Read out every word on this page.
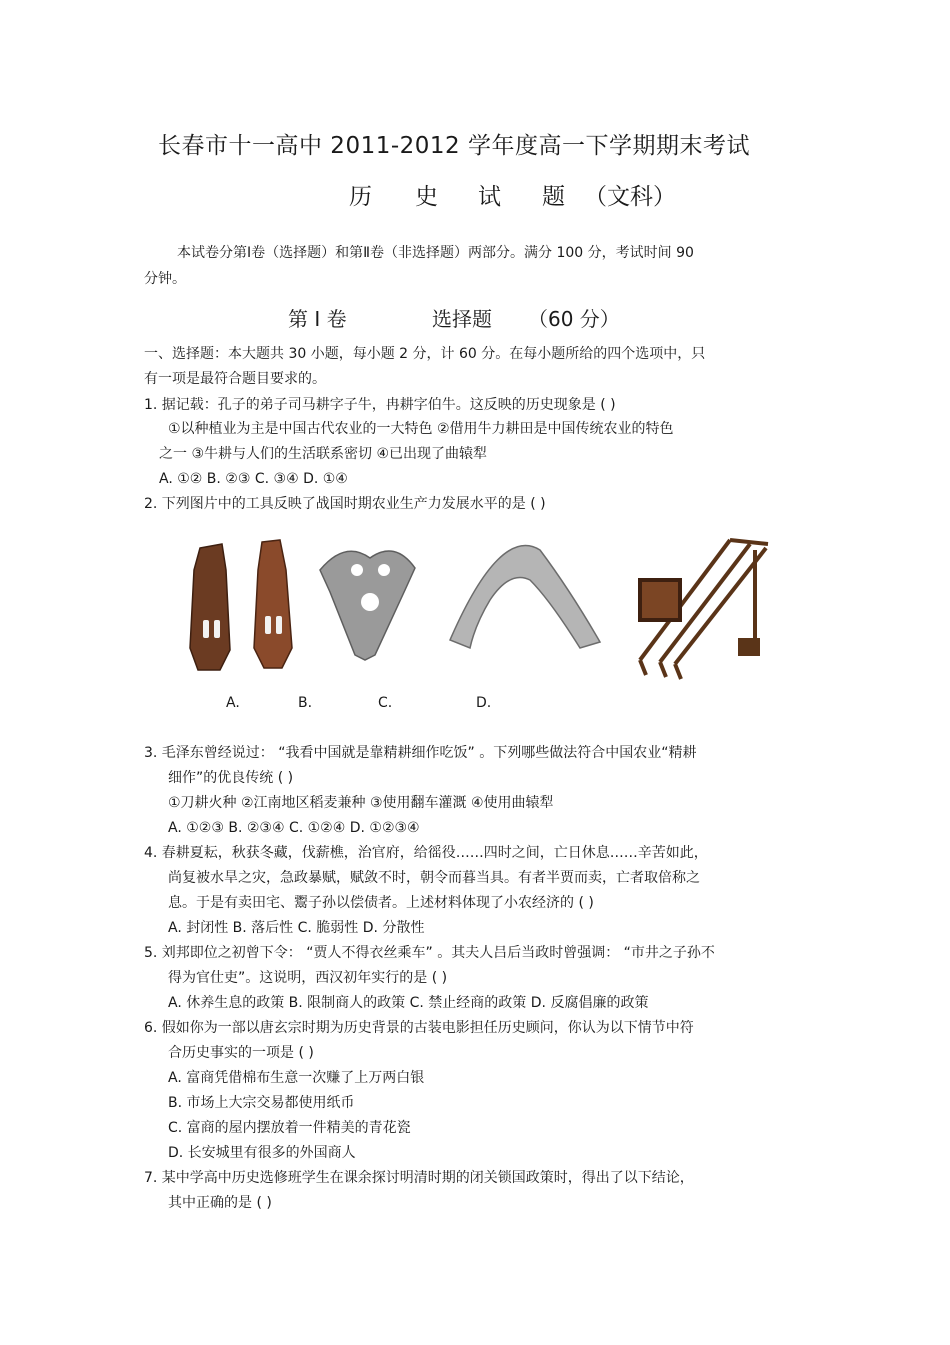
长春市十一高中 2011-2012 学年度高一下学期期末考试
历 史 试 题 （文科）
本试卷分第Ⅰ卷（选择题）和第Ⅱ卷（非选择题）两部分。满分 100 分，考试时间 90
分钟。
第 Ⅰ 卷	选择题 （60 分）
一、选择题：本大题共 30 小题，每小题 2 分，计 60 分。在每小题所给的四个选项中，只
有一项是最符合题目要求的。
1. 据记载：孔子的弟子司马耕字子牛，冉耕字伯牛。这反映的历史现象是 ( )
①以种植业为主是中国古代农业的一大特色 ②借用牛力耕田是中国传统农业的特色
之一 ③牛耕与人们的生活联系密切 ④已出现了曲辕犁
A. ①② B. ②③ C. ③④ D. ①④
2. 下列图片中的工具反映了战国时期农业生产力发展水平的是 ( )
A.	B.	C.	D.
3. 毛泽东曾经说过： “我看中国就是靠精耕细作吃饭” 。下列哪些做法符合中国农业“精耕
细作”的优良传统 ( )
①刀耕火种 ②江南地区稻麦兼种 ③使用翻车灌溉 ④使用曲辕犁
A. ①②③ B. ②③④ C. ①②④ D. ①②③④
4. 春耕夏耘，秋获冬藏，伐薪樵，治官府，给徭役……四时之间，亡日休息……辛苦如此，
尚复被水旱之灾，急政暴赋，赋敛不时，朝令而暮当具。有者半贾而卖，亡者取倍称之
息。于是有卖田宅、鬻子孙以偿债者。上述材料体现了小农经济的 ( )
A. 封闭性 B. 落后性 C. 脆弱性 D. 分散性
5. 刘邦即位之初曾下令： “贾人不得衣丝乘车” 。其夫人吕后当政时曾强调： “市井之子孙不
得为官仕吏”。这说明，西汉初年实行的是 ( )
A. 休养生息的政策 B. 限制商人的政策 C. 禁止经商的政策 D. 反腐倡廉的政策
6. 假如你为一部以唐玄宗时期为历史背景的古装电影担任历史顾问，你认为以下情节中符
合历史事实的一项是 ( )
A. 富商凭借棉布生意一次赚了上万两白银
B. 市场上大宗交易都使用纸币
C. 富商的屋内摆放着一件精美的青花瓷
D. 长安城里有很多的外国商人
7. 某中学高中历史选修班学生在课余探讨明清时期的闭关锁国政策时，得出了以下结论，
其中正确的是 ( )
